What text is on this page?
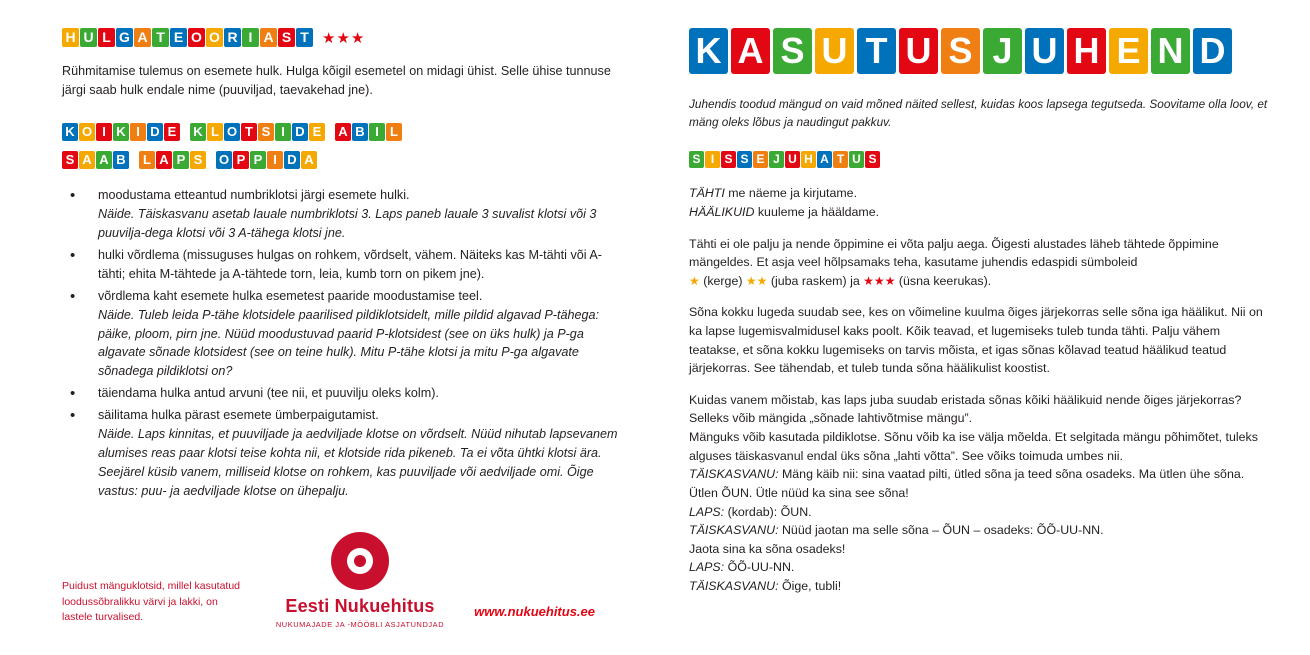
H U L G A T E O O R I A S T ★★★

Rühmitamise tulemus on esemete hulk. Hulga kõigil esemetel on midagi ühist. Selle ühise tunnuse järgi saab hulk endale nime (puuviljad, taevakehad jne).

K O I K I D E K L O T S I D E A B I L
S A A B L A P S O P P I D A
• moodustama etteantud numbriklotsi järgi esemete hulki.
Näide. Täiskasvanu asetab lauale numbriklotsi 3. Laps paneb lauale 3 suvalist klotsi või 3 puuvilja-dega klotsi või 3 A-tähega klotsi jne.
• hulki võrdlema (missuguses hulgas on rohkem, võrdselt, vähem. Näiteks kas M-tähti või A-tähti; ehita M-tähtede ja A-tähtede torn, leia, kumb torn on pikem jne).
• võrdlema kaht esemete hulka esemetest paaride moodustamise teel.
Näide. Tuleb leida P-tähe klotsidele paarilised pildiklotsidelt, mille pildid algavad P-tähega: päike, ploom, pirn jne. Nüüd moodustuvad paarid P-klotsidest (see on üks hulk) ja P-ga algavate sõnade klotsidest (see on teine hulk). Mitu P-tähe klotsi ja mitu P-ga algavate sõnadega pildiklotsi on?
• täiendama hulka antud arvuni (tee nii, et puuvilju oleks kolm).
• säilitama hulka pärast esemete ümberpaigutamist.
Näide. Laps kinnitas, et puuviljade ja aedviljade klotse on võrdselt. Nüüd nihutab lapsevanem alumises reas paar klotsi teise kohta nii, et klotside rida pikeneb. Ta ei võta ühtki klotsi ära. Seejärel küsib vanem, milliseid klotse on rohkem, kas puuviljade või aedviljade omi. Õige vastus: puu- ja aedviljade klotse on ühepalju.
Puidust mänguklotsid, millel kasutatud loodussõbralikku värvi ja lakki, on lastele turvalised.
Eesti Nukuehitus
NUKUMAJADE JA -MÖÖBLI ASJATUNDJAD
www.nukuehitus.ee
K A S U T U S J U H E N D

Juhendis toodud mängud on vaid mõned näited sellest, kuidas koos lapsega tegutseda. Soovitame olla loov, et mäng oleks lõbus ja naudingut pakkuv.

S I S S E J U H A T U S

TÄHTI me näeme ja kirjutame.
HÄÄLIKUID kuuleme ja hääldame.

Tähti ei ole palju ja nende õppimine ei võta palju aega. Õigesti alustades läheb tähtede õppimine mängeldes. Et asja veel hõlpsamaks teha, kasutame juhendis edaspidi sümboleid
★ (kerge) ★★ (juba raskem) ja ★★★ (üsna keerukas).

Sõna kokku lugeda suudab see, kes on võimeline kuulma õiges järjekorras selle sõna iga häälikut. Nii on ka lapse lugemisvalmidusel kaks poolt. Kõik teavad, et lugemiseks tuleb tunda tähti. Palju vähem teatakse, et sõna kokku lugemiseks on tarvis mõista, et igas sõnas kõlavad teatud häälikud teatud järjekorras. See tähendab, et tuleb tunda sõna häälikulist koostist.

Kuidas vanem mõistab, kas laps juba suudab eristada sõnas kõiki häälikuid nende õiges järjekorras?
Selleks võib mängida „sõnade lahtivõtmise mängu”.
Mänguks võib kasutada pildiklotse. Sõnu võib ka ise välja mõelda. Et selgitada mängu põhimõtet, tuleks alguses täiskasvanul endal üks sõna „lahti võtta”. See võiks toimuda umbes nii.

TÄISKASVANU: Mäng käib nii: sina vaatad pilti, ütled sõna ja teed sõna osadeks. Ma ütlen ühe sõna. Ütlen ÕUN. Ütle nüüd ka sina see sõna!
LAPS: (kordab): ÕUN.
TÄISKASVANU: Nüüd jaotan ma selle sõna – ÕUN – osadeks: ÕÕ-UU-NN.
Jaota sina ka sõna osadeks!
LAPS: ÕÕ-UU-NN.
TÄISKASVANU: Õige, tubli!
